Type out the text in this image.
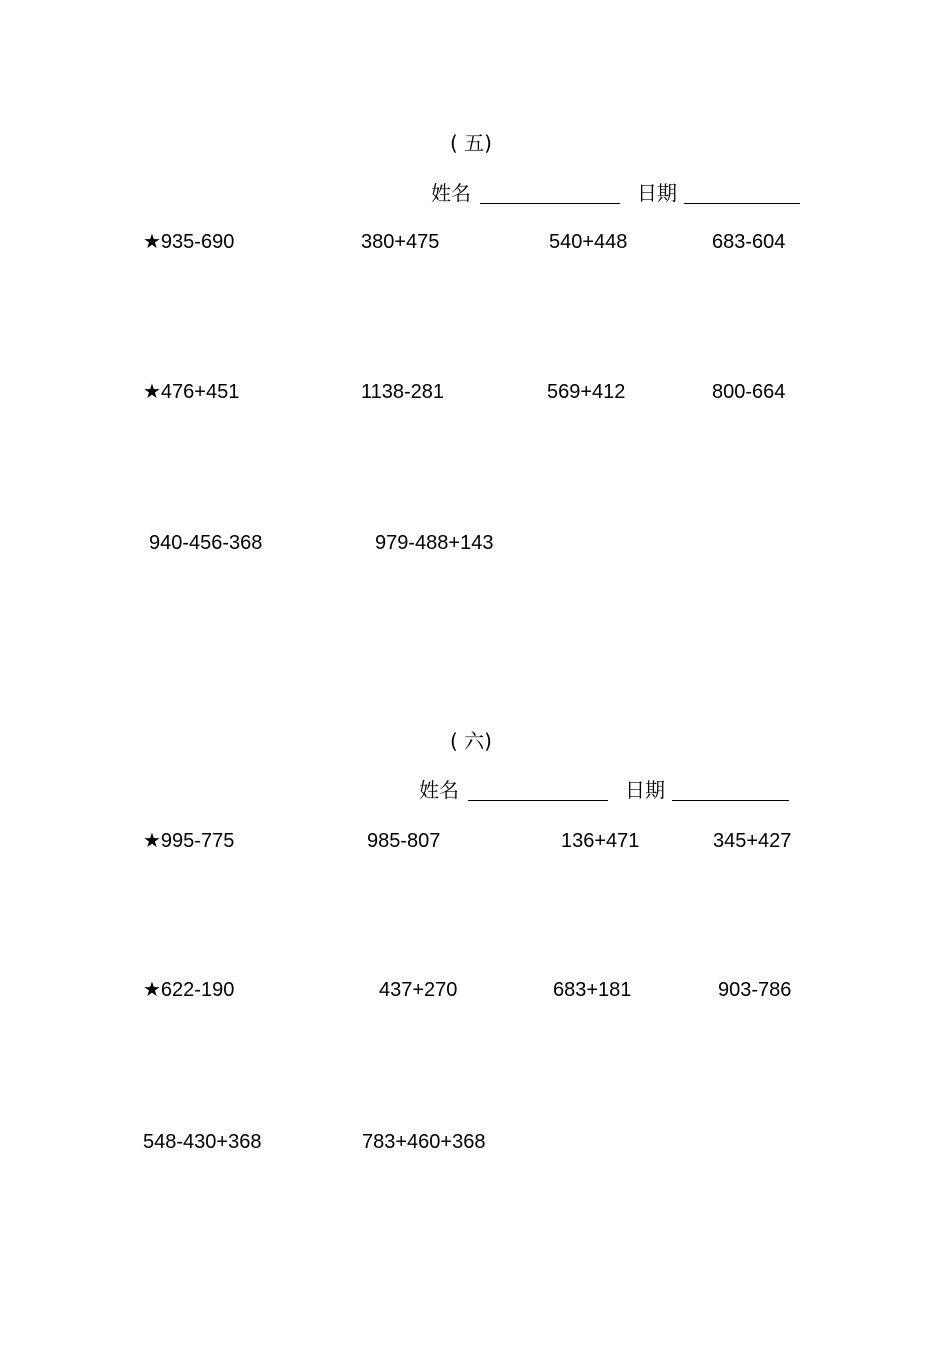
( 五)
姓名	日期
★935-690	380+475	540+448	683-604
★476+451	1138-281	569+412	800-664
940-456-368	979-488+143
( 六)
姓名	日期
★995-775	985-807	136+471	345+427
★622-190	437+270	683+181	903-786
548-430+368	783+460+368
